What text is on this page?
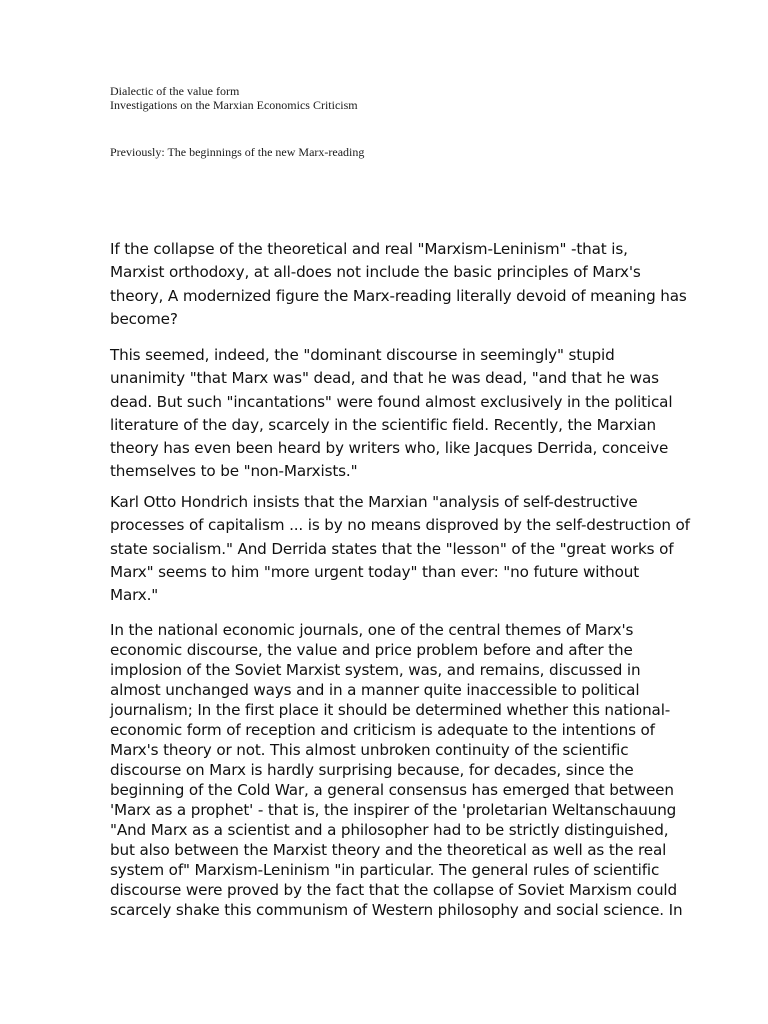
Dialectic of the value form
Investigations on the Marxian Economics Criticism
Previously: The beginnings of the new Marx-reading

If the collapse of the theoretical and real "Marxism-Leninism" -that is,

Marxist orthodoxy, at all-does not include the basic principles of Marx's

theory, A modernized figure the Marx-reading literally devoid of meaning has

become?

This seemed, indeed, the "dominant discourse in seemingly" stupid

unanimity "that Marx was" dead, and that he was dead, "and that he was

dead. But such "incantations" were found almost exclusively in the political

literature of the day, scarcely in the scientific field. Recently, the Marxian

theory has even been heard by writers who, like Jacques Derrida, conceive

themselves to be "non-Marxists."

Karl Otto Hondrich insists that the Marxian "analysis of self-destructive

processes of capitalism ... is by no means disproved by the self-destruction of

state socialism." And Derrida states that the "lesson" of the "great works of

Marx" seems to him "more urgent today" than ever: "no future without

Marx."

In the national economic journals, one of the central themes of Marx's

economic discourse, the value and price problem before and after the

implosion of the Soviet Marxist system, was, and remains, discussed in

almost unchanged ways and in a manner quite inaccessible to political

journalism; In the first place it should be determined whether this national-

economic form of reception and criticism is adequate to the intentions of

Marx's theory or not. This almost unbroken continuity of the scientific

discourse on Marx is hardly surprising because, for decades, since the

beginning of the Cold War, a general consensus has emerged that between

'Marx as a prophet' - that is, the inspirer of the 'proletarian Weltanschauung

"And Marx as a scientist and a philosopher had to be strictly distinguished,

but also between the Marxist theory and the theoretical as well as the real

system of" Marxism-Leninism "in particular. The general rules of scientific

discourse were proved by the fact that the collapse of Soviet Marxism could

scarcely shake this communism of Western philosophy and social science. In
